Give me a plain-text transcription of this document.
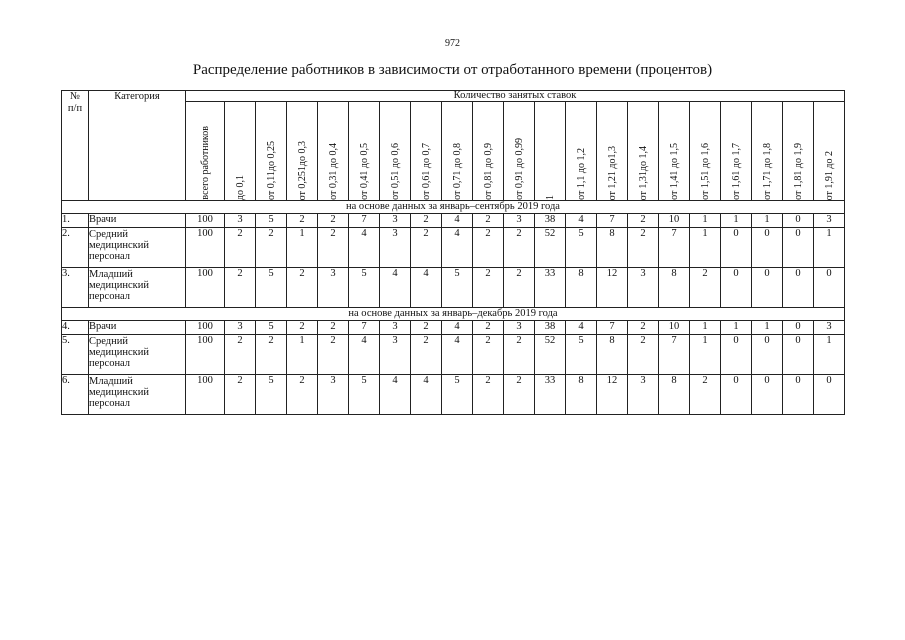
972
Распределение работников в зависимости от отработанного времени (процентов)
№
п/п	Категория	Количество занятых ставок																				

		всего работников	до 0,1	от 0,11до 0,25	от 0,251до 0,3	от 0,31 до 0,4	от 0,41 до 0,5	от 0,51 до 0,6	от 0,61 до 0,7	от 0,71 до 0,8	от 0,81 до 0,9	от 0,91 до 0,99	1	от 1,1 до 1,2	от 1,21 до1,3	от 1,31до 1,4	от 1,41 до 1,5	от 1,51 до 1,6	от 1,61 до 1,7	от 1,71 до 1,8	от 1,81 до 1,9	от 1,91 до 2

на основе данных за январь–сентябрь 2019 года																						
1.	Врачи	100	3	5	2	2	7	3	2	4	2	3	38	4	7	2	10	1	1	1	0	3
2.	Средний
медицинский
персонал	100	2	2	1	2	4	3	2	4	2	2	52	5	8	2	7	1	0	0	0	1
3.	Младший
медицинский
персонал	100	2	5	2	3	5	4	4	5	2	2	33	8	12	3	8	2	0	0	0	0
на основе данных за январь–декабрь 2019 года																						
4.	Врачи	100	3	5	2	2	7	3	2	4	2	3	38	4	7	2	10	1	1	1	0	3
5.	Средний
медицинский
персонал	100	2	2	1	2	4	3	2	4	2	2	52	5	8	2	7	1	0	0	0	1
6.	Младший
медицинский
персонал	100	2	5	2	3	5	4	4	5	2	2	33	8	12	3	8	2	0	0	0	0
